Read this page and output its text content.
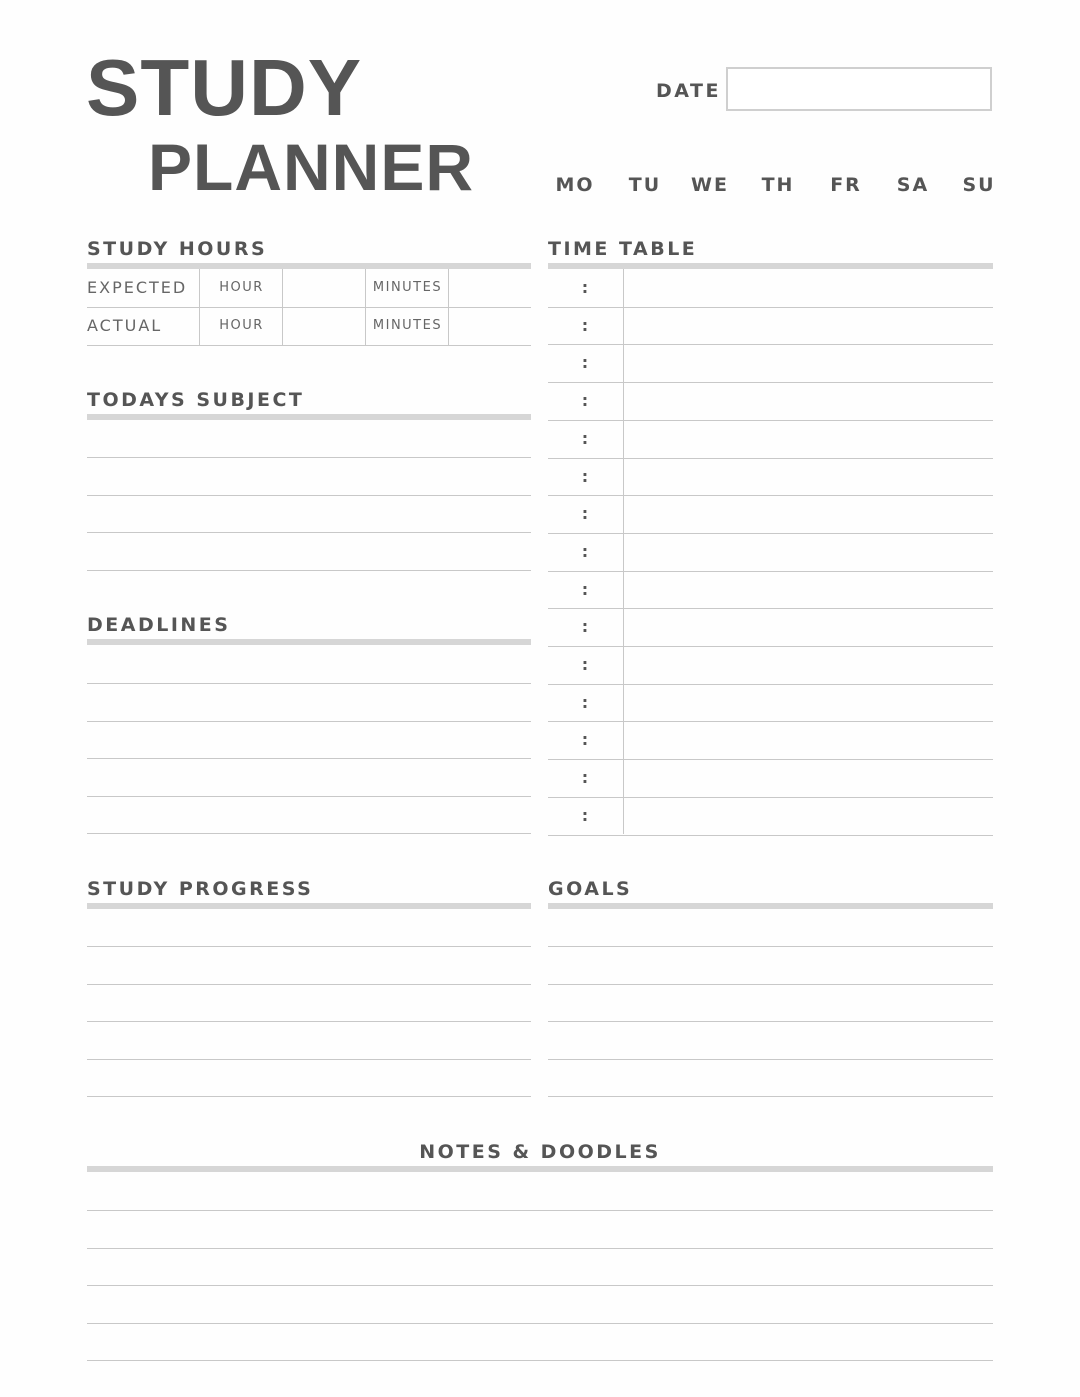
STUDY
PLANNER
DATE
MO	TU	WE	TH	FR	SA	SU
STUDY HOURS
EXPECTED	HOUR	MINUTES
ACTUAL	HOUR	MINUTES
TODAYS SUBJECT
DEADLINES
TIME TABLE
:
:
:
:
:
:
:
:
:
:
:
:
:
:
:
STUDY PROGRESS	GOALS
NOTES & DOODLES
